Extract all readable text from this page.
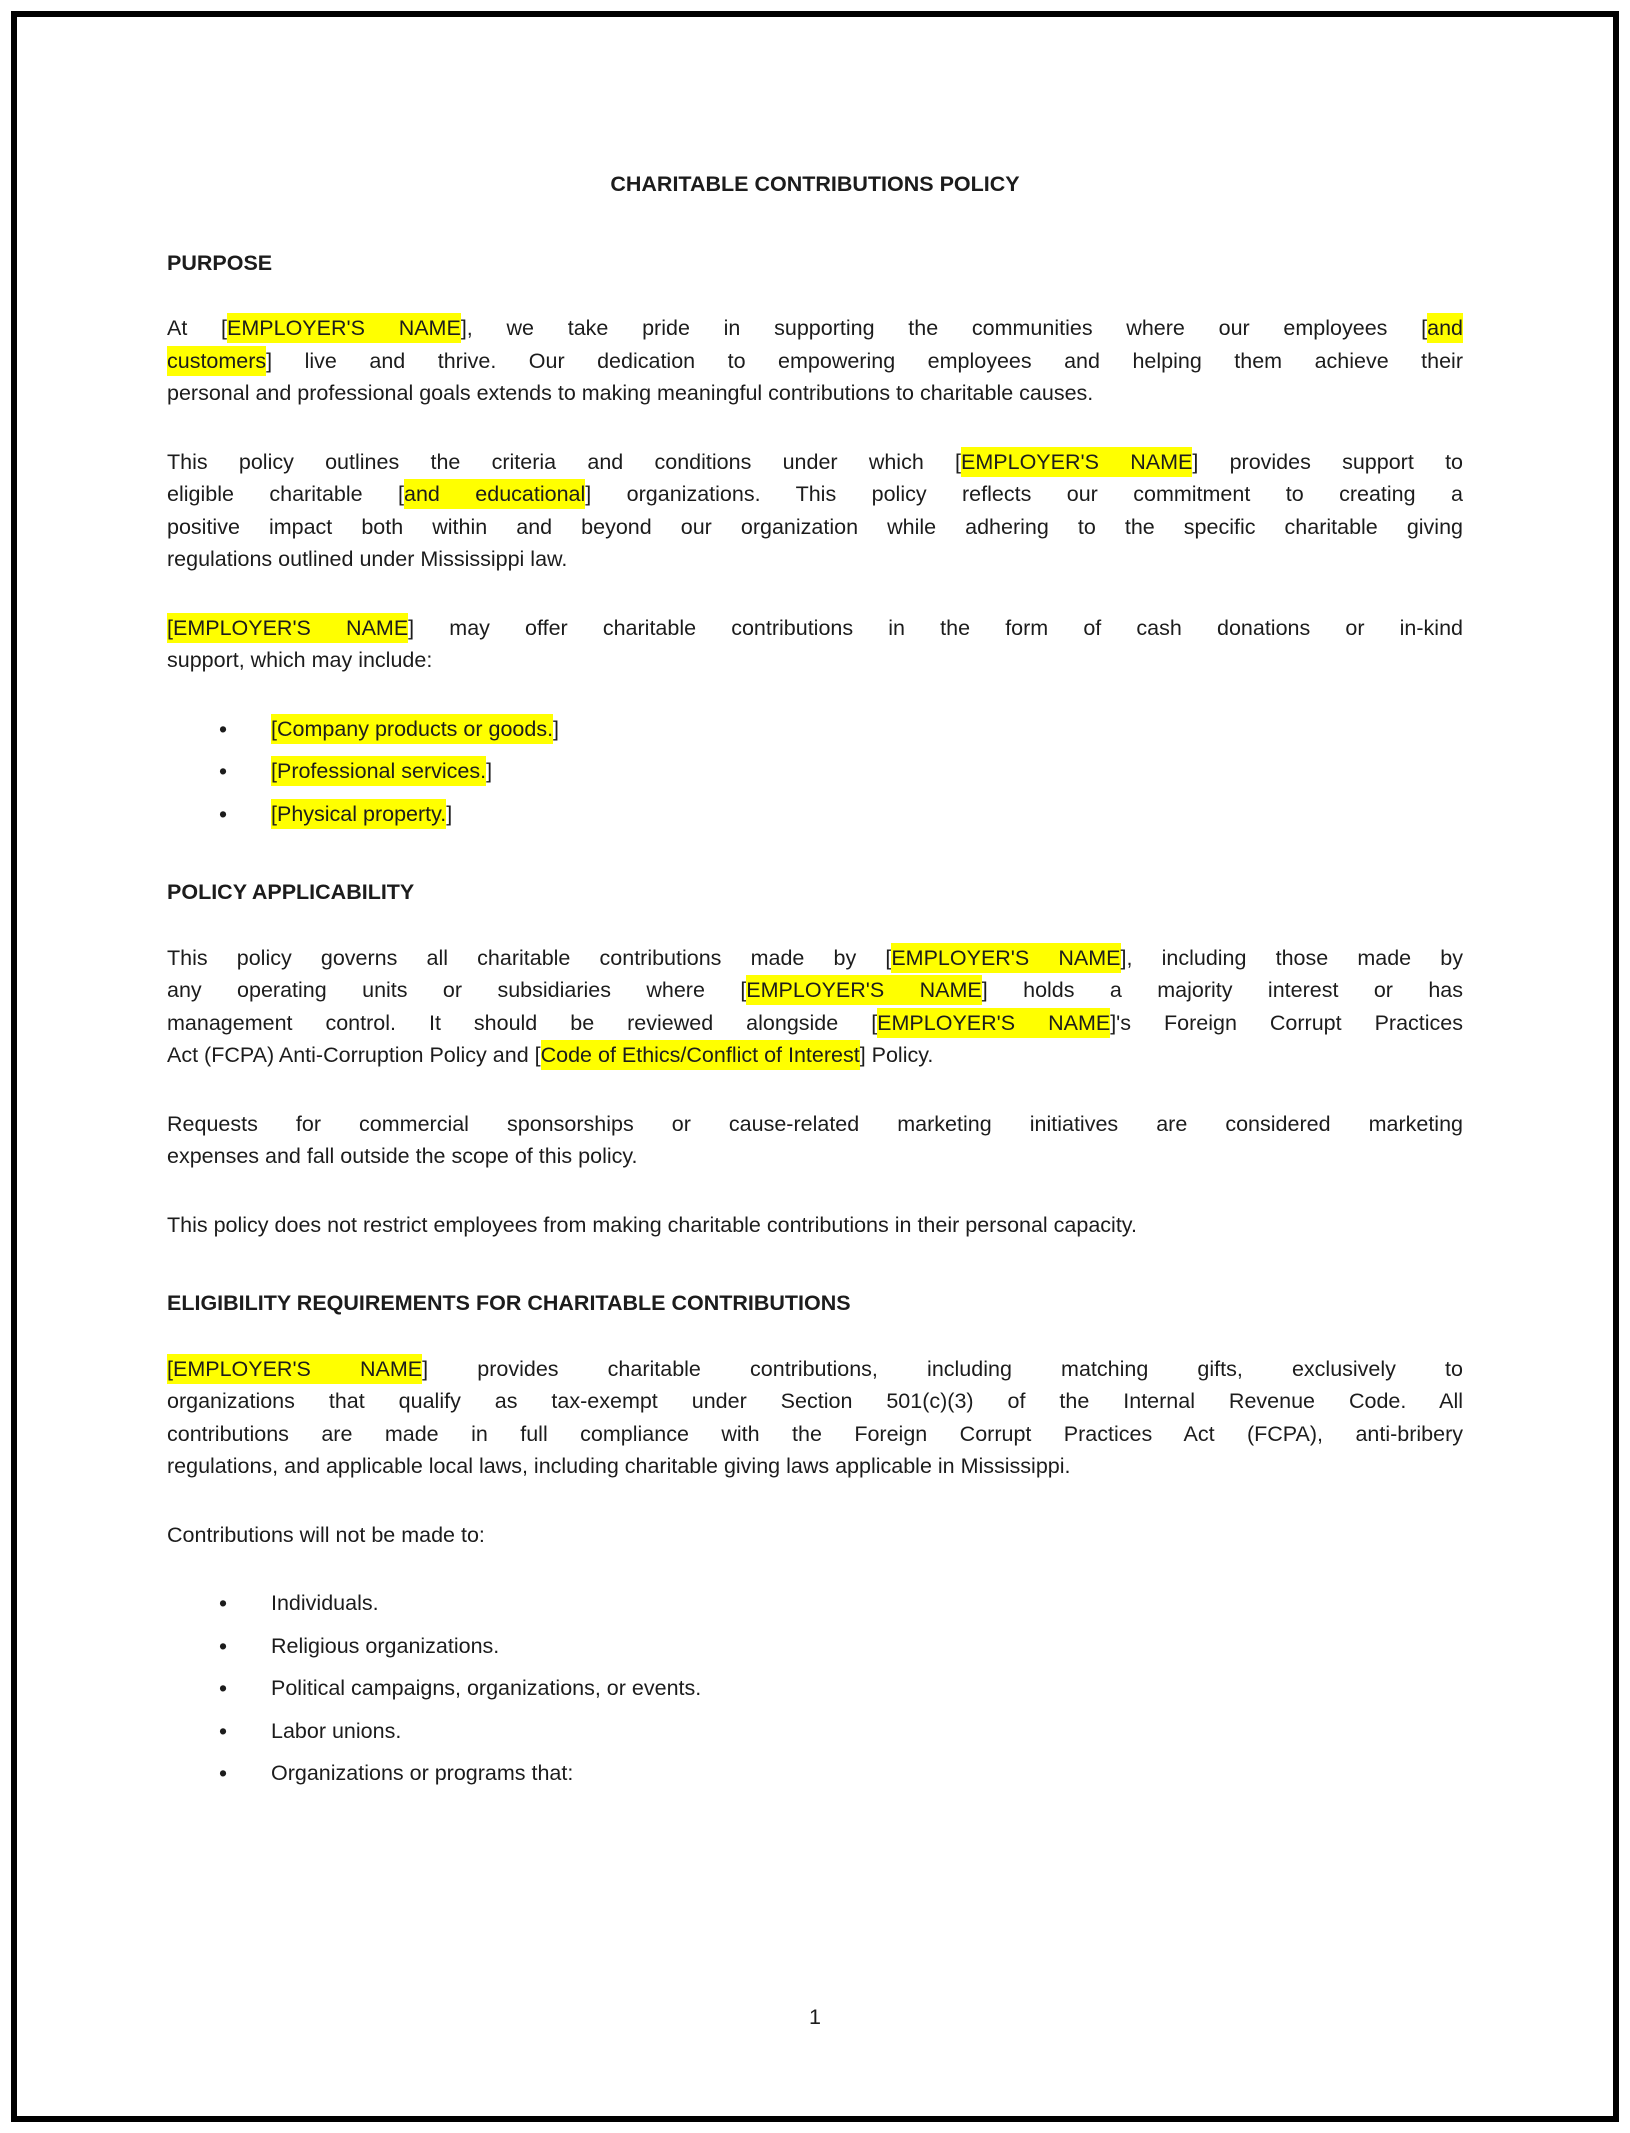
CHARITABLE CONTRIBUTIONS POLICY
PURPOSE
At [EMPLOYER'S NAME], we take pride in supporting the communities where our employees [and
customers] live and thrive. Our dedication to empowering employees and helping them achieve their
personal and professional goals extends to making meaningful contributions to charitable causes.
This policy outlines the criteria and conditions under which [EMPLOYER'S NAME] provides support to
eligible charitable [and educational] organizations. This policy reflects our commitment to creating a
positive impact both within and beyond our organization while adhering to the specific charitable giving
regulations outlined under Mississippi law.
[EMPLOYER'S NAME] may offer charitable contributions in the form of cash donations or in-kind
support, which may include:
• [Company products or goods.]
• [Professional services.]
• [Physical property.]
POLICY APPLICABILITY
This policy governs all charitable contributions made by [EMPLOYER'S NAME], including those made by
any operating units or subsidiaries where [EMPLOYER'S NAME] holds a majority interest or has
management control. It should be reviewed alongside [EMPLOYER'S NAME]'s Foreign Corrupt Practices
Act (FCPA) Anti-Corruption Policy and [Code of Ethics/Conflict of Interest] Policy.
Requests for commercial sponsorships or cause-related marketing initiatives are considered marketing
expenses and fall outside the scope of this policy.
This policy does not restrict employees from making charitable contributions in their personal capacity.
ELIGIBILITY REQUIREMENTS FOR CHARITABLE CONTRIBUTIONS
[EMPLOYER'S NAME] provides charitable contributions, including matching gifts, exclusively to
organizations that qualify as tax-exempt under Section 501(c)(3) of the Internal Revenue Code. All
contributions are made in full compliance with the Foreign Corrupt Practices Act (FCPA), anti-bribery
regulations, and applicable local laws, including charitable giving laws applicable in Mississippi.
Contributions will not be made to:
• Individuals.
• Religious organizations.
• Political campaigns, organizations, or events.
• Labor unions.
• Organizations or programs that:
1
